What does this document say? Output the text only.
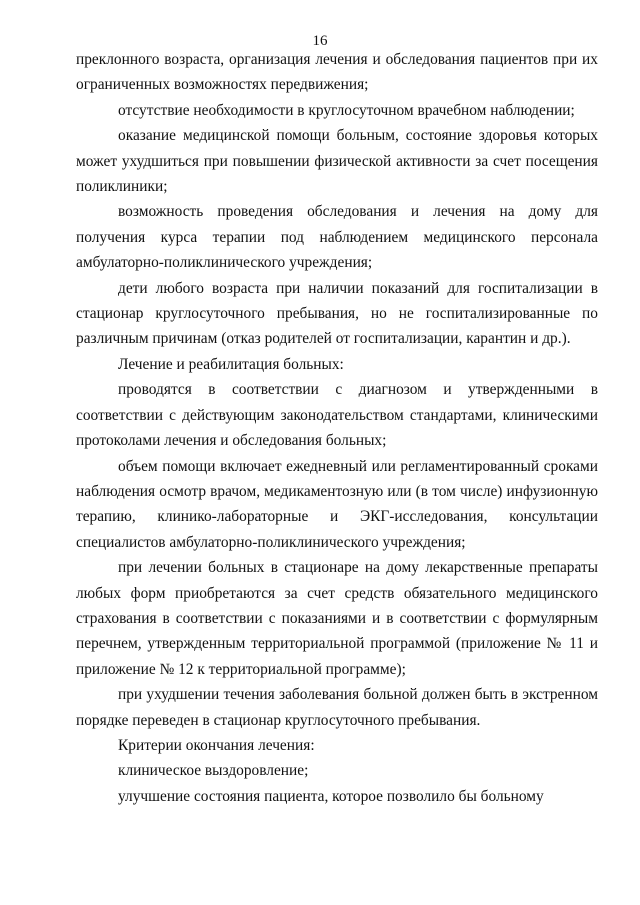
16

преклонного возраста, организация лечения и обследования пациентов при их ограниченных возможностях передвижения;

отсутствие необходимости в круглосуточном врачебном наблюдении;

оказание медицинской помощи больным, состояние здоровья которых может ухудшиться при повышении физической активности за счет посещения поликлиники;

возможность проведения обследования и лечения на дому для получения курса терапии под наблюдением медицинского персонала амбулаторно-поликлинического учреждения;

дети любого возраста при наличии показаний для госпитализации в стационар круглосуточного пребывания, но не госпитализированные по различным причинам (отказ родителей от госпитализации, карантин и др.).

Лечение и реабилитация больных:

проводятся в соответствии с диагнозом и утвержденными в соответствии с действующим законодательством стандартами, клиническими протоколами лечения и обследования больных;

объем помощи включает ежедневный или регламентированный сроками наблюдения осмотр врачом, медикаментозную или (в том числе) инфузионную терапию, клинико-лабораторные и ЭКГ-исследования, консультации специалистов амбулаторно-поликлинического учреждения;

при лечении больных в стационаре на дому лекарственные препараты любых форм приобретаются за счет средств обязательного медицинского страхования в соответствии с показаниями и в соответствии с формулярным перечнем, утвержденным территориальной программой (приложение № 11 и приложение № 12 к территориальной программе);

при ухудшении течения заболевания больной должен быть в экстренном порядке переведен в стационар круглосуточного пребывания.

Критерии окончания лечения:

клиническое выздоровление;

улучшение состояния пациента, которое позволило бы больному
